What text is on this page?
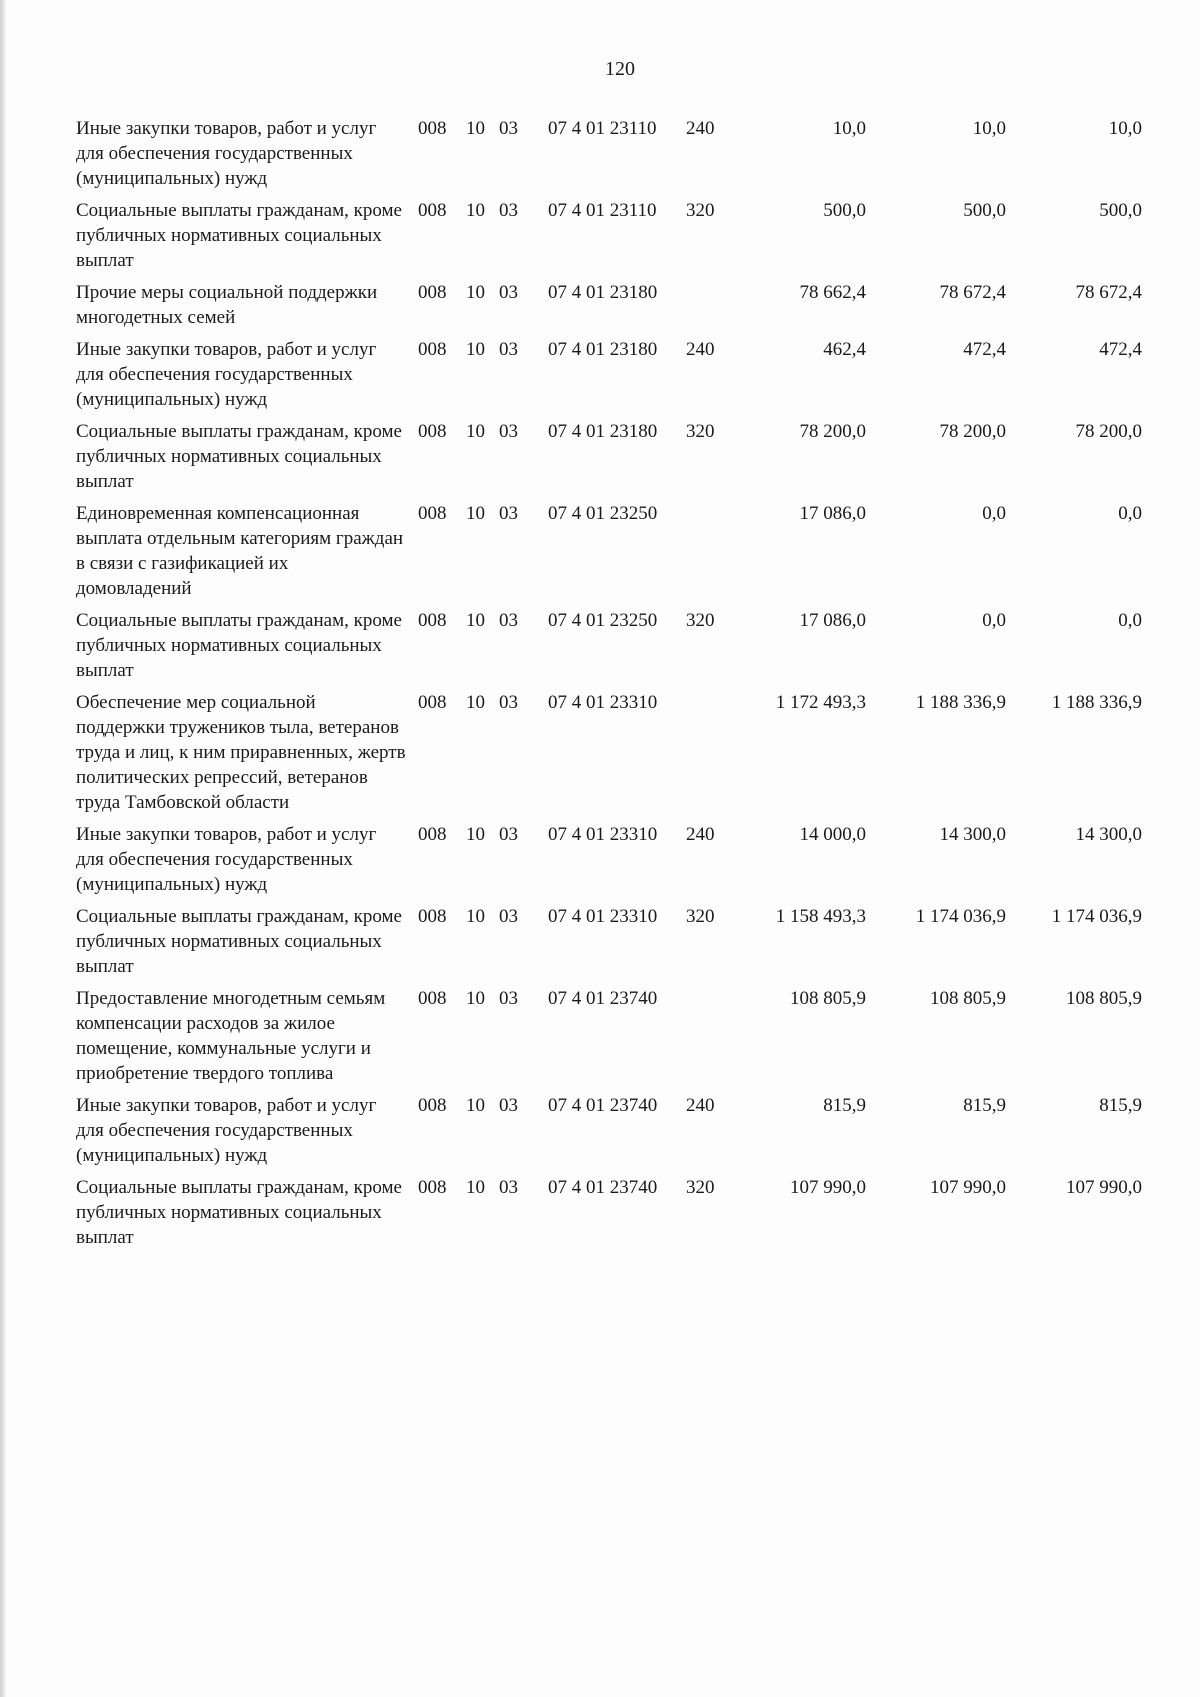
120
Иные закупки товаров, работ и услуг для обеспечения государственных (муниципальных) нужд	008	10	03	07 4 01 23110	240	10,0	10,0	10,0
Социальные выплаты гражданам, кроме публичных нормативных социальных выплат	008	10	03	07 4 01 23110	320	500,0	500,0	500,0
Прочие меры социальной поддержки многодетных семей	008	10	03	07 4 01 23180		78 662,4	78 672,4	78 672,4
Иные закупки товаров, работ и услуг для обеспечения государственных (муниципальных) нужд	008	10	03	07 4 01 23180	240	462,4	472,4	472,4
Социальные выплаты гражданам, кроме публичных нормативных социальных выплат	008	10	03	07 4 01 23180	320	78 200,0	78 200,0	78 200,0
Единовременная компенсационная выплата отдельным категориям граждан в связи с газификацией их домовладений	008	10	03	07 4 01 23250		17 086,0	0,0	0,0
Социальные выплаты гражданам, кроме публичных нормативных социальных выплат	008	10	03	07 4 01 23250	320	17 086,0	0,0	0,0
Обеспечение мер социальной поддержки тружеников тыла, ветеранов труда и лиц, к ним приравненных, жертв политических репрессий, ветеранов труда Тамбовской области	008	10	03	07 4 01 23310		1 172 493,3	1 188 336,9	1 188 336,9
Иные закупки товаров, работ и услуг для обеспечения государственных (муниципальных) нужд	008	10	03	07 4 01 23310	240	14 000,0	14 300,0	14 300,0
Социальные выплаты гражданам, кроме публичных нормативных социальных выплат	008	10	03	07 4 01 23310	320	1 158 493,3	1 174 036,9	1 174 036,9
Предоставление многодетным семьям компенсации расходов за жилое помещение, коммунальные услуги и приобретение твердого топлива	008	10	03	07 4 01 23740		108 805,9	108 805,9	108 805,9
Иные закупки товаров, работ и услуг для обеспечения государственных (муниципальных) нужд	008	10	03	07 4 01 23740	240	815,9	815,9	815,9
Социальные выплаты гражданам, кроме публичных нормативных социальных выплат	008	10	03	07 4 01 23740	320	107 990,0	107 990,0	107 990,0
